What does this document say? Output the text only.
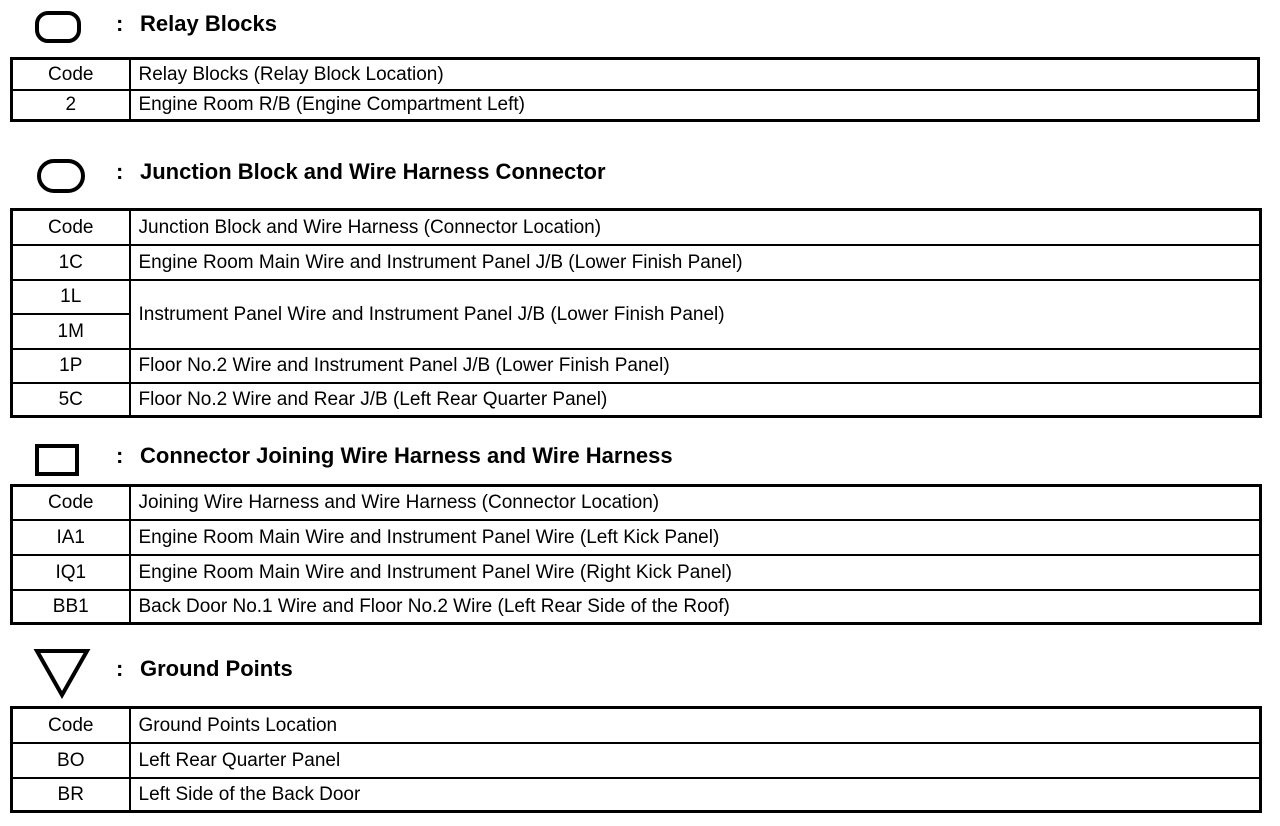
: Relay Blocks
Code	Relay Blocks (Relay Block Location)
2	Engine Room R/B (Engine Compartment Left)
: Junction Block and Wire Harness Connector
Code	Junction Block and Wire Harness (Connector Location)
1C	Engine Room Main Wire and Instrument Panel J/B (Lower Finish Panel)
1L	Instrument Panel Wire and Instrument Panel J/B (Lower Finish Panel)
1M	
1P	Floor No.2 Wire and Instrument Panel J/B (Lower Finish Panel)
5C	Floor No.2 Wire and Rear J/B (Left Rear Quarter Panel)
: Connector Joining Wire Harness and Wire Harness
Code	Joining Wire Harness and Wire Harness (Connector Location)
IA1	Engine Room Main Wire and Instrument Panel Wire (Left Kick Panel)
IQ1	Engine Room Main Wire and Instrument Panel Wire (Right Kick Panel)
BB1	Back Door No.1 Wire and Floor No.2 Wire (Left Rear Side of the Roof)
: Ground Points
Code	Ground Points Location
BO	Left Rear Quarter Panel
BR	Left Side of the Back Door
